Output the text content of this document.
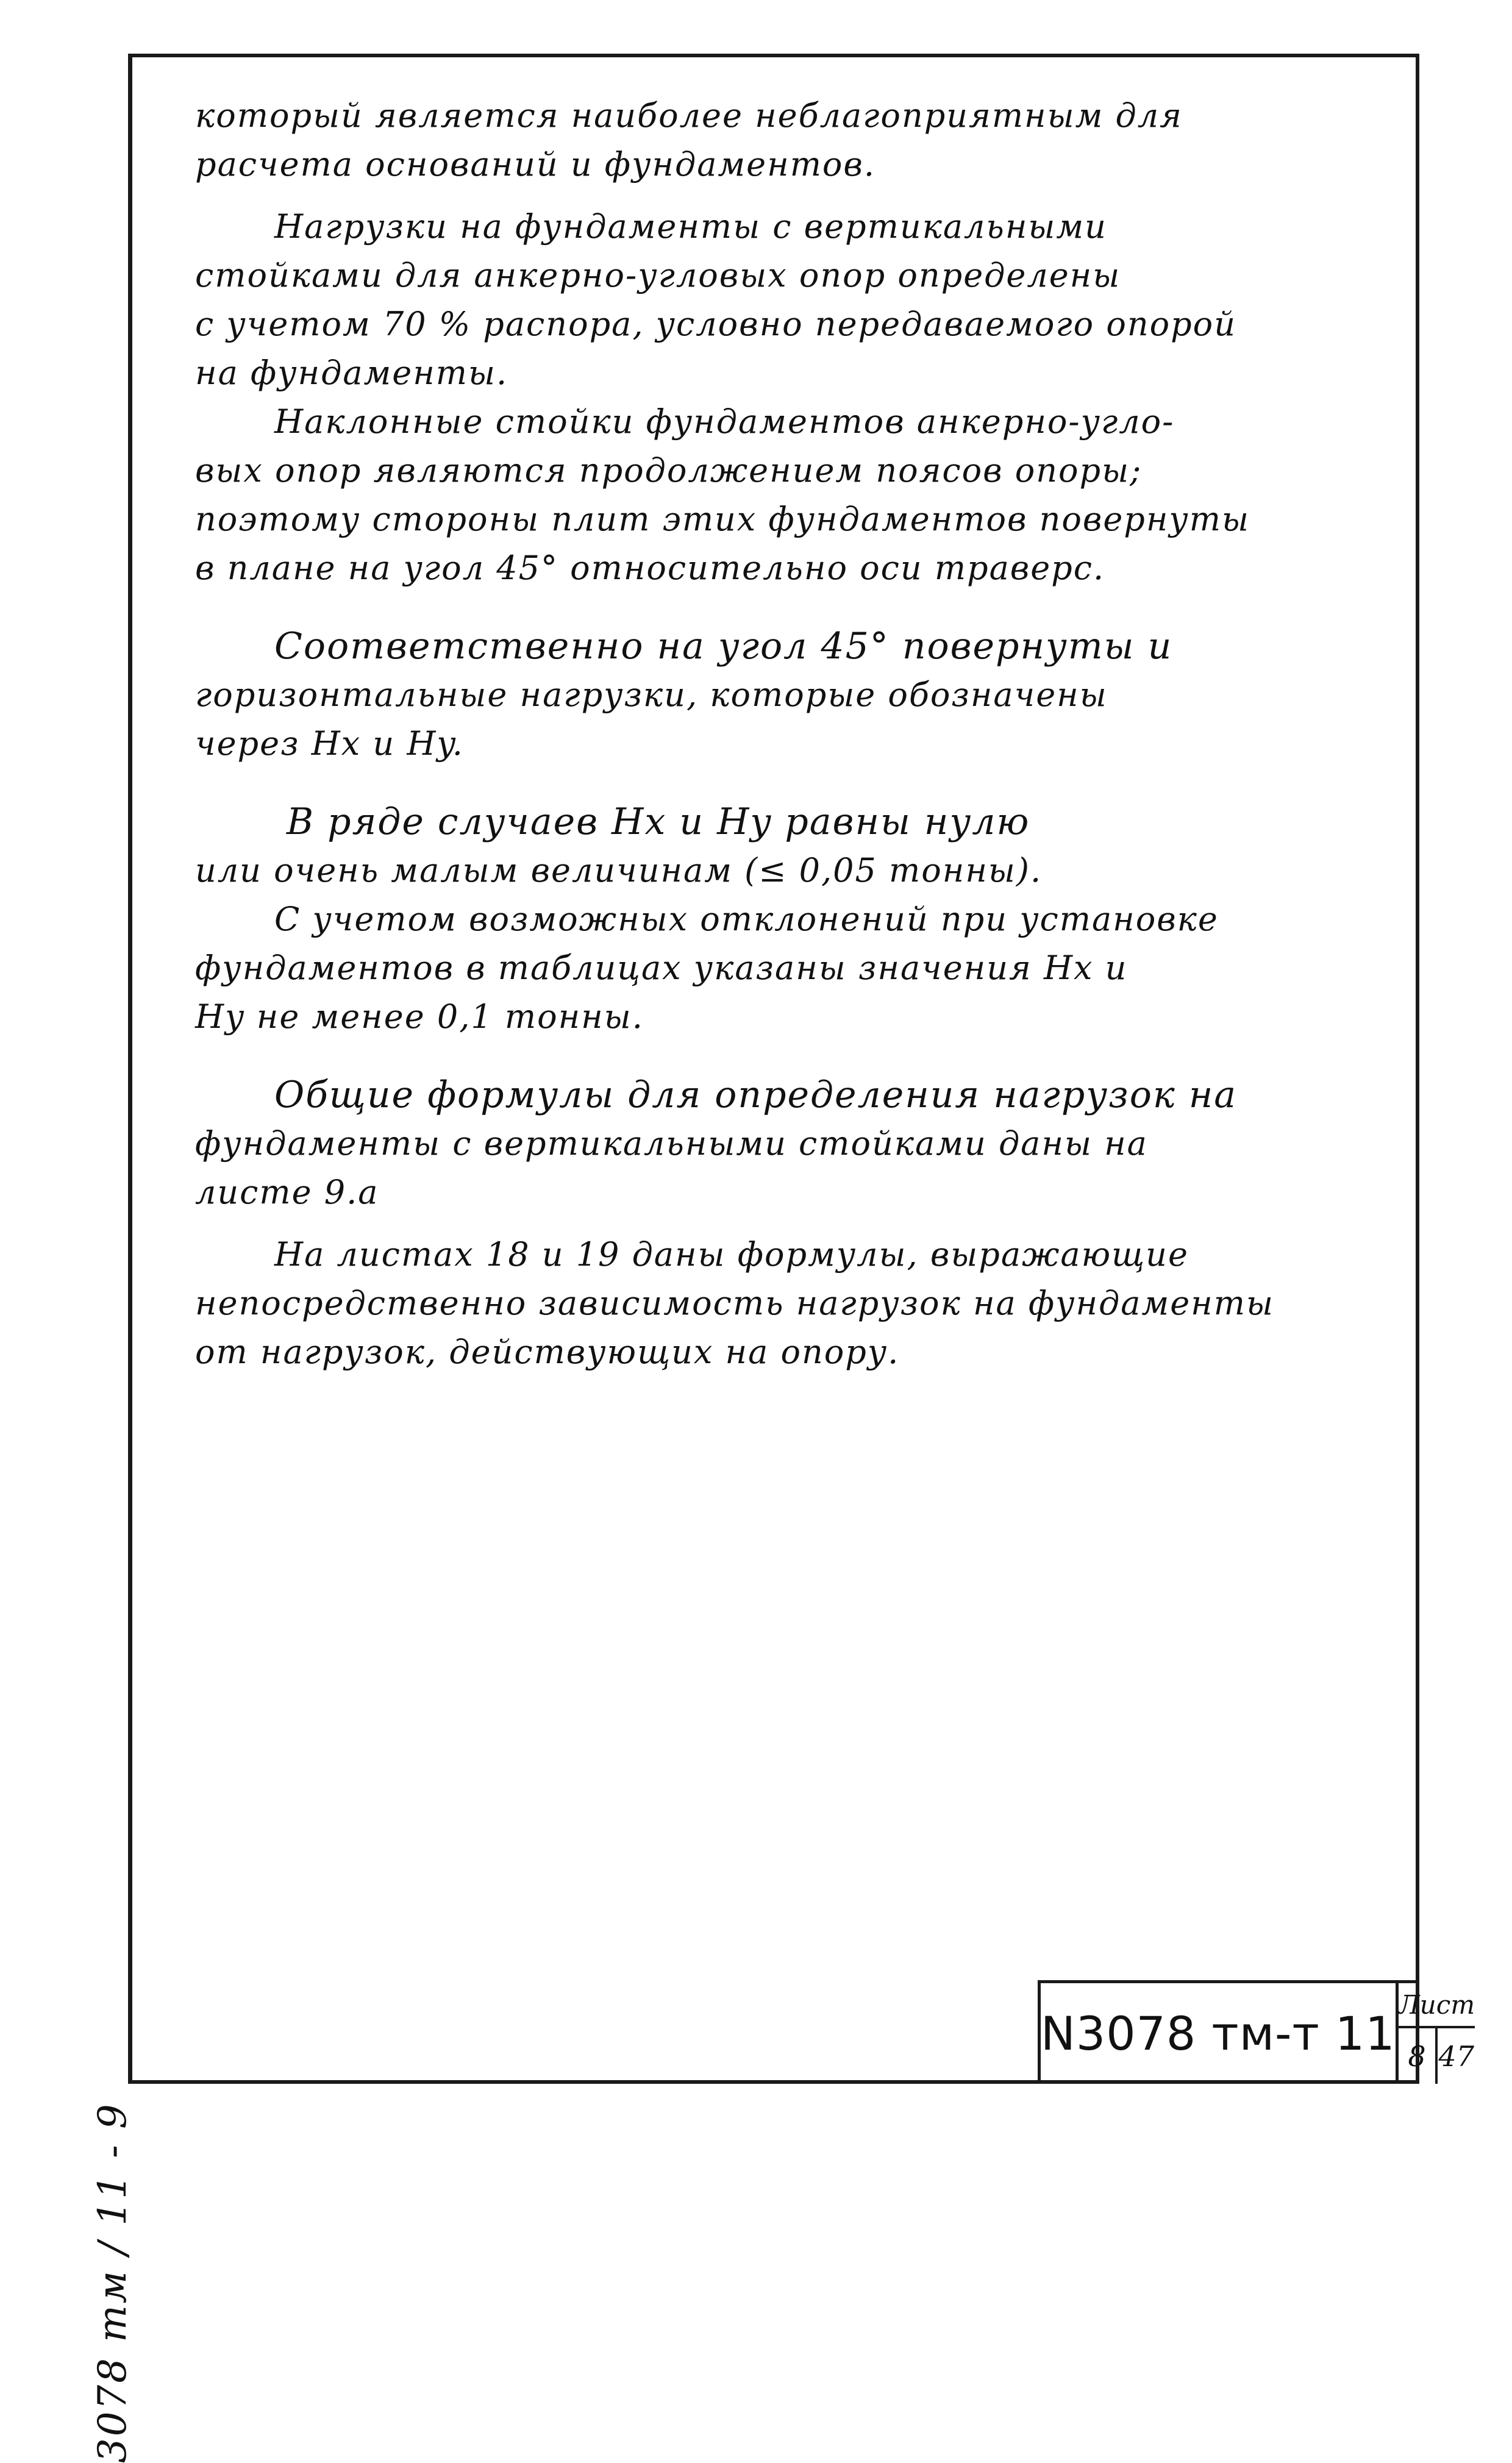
который является наиболее неблагоприятным для
расчета оснований и фундаментов.
Нагрузки на фундаменты с вертикальными
стойками для анкерно-угловых опор определены
с учетом 70 % распора, условно передаваемого опорой
на фундаменты.
Наклонные стойки фундаментов анкерно-угло-
вых опор являются продолжением поясов опоры;
поэтому стороны плит этих фундаментов повернуты
в плане на угол 45° относительно оси траверс.
Соответственно на угол 45° повернуты и
горизонтальные нагрузки, которые обозначены
через Hx и Hy.
В ряде случаев Hx и Hy равны нулю
или очень малым величинам (≤ 0,05 тонны).
С учетом возможных отклонений при установке
фундаментов в таблицах указаны значения Hx и
Hy не менее 0,1 тонны.
Общие формулы для определения нагрузок на
фундаменты с вертикальными стойками даны на
листе 9.а
На листах 18 и 19 даны формулы, выражающие
непосредственно зависимость нагрузок на фундаменты
от нагрузок, действующих на опору.
3078 тм / 11 - 9
N3078 тм-т 11
Лист
8 47
